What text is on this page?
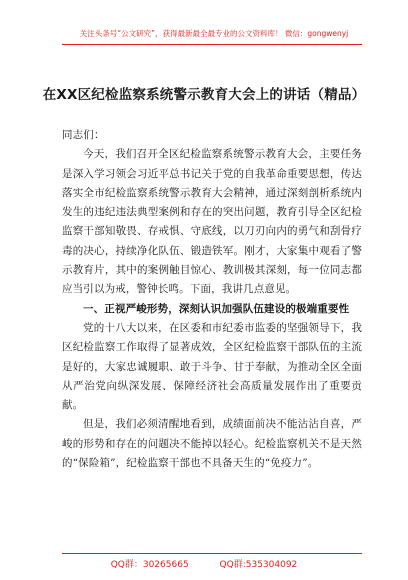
关注头条号“公文研究”，获得最新最全最专业的公文资料库！ 微信：gongwenyj
在XX区纪检监察系统警示教育大会上的讲话（精品）

同志们：

今天，我们召开全区纪检监察系统警示教育大会，主要任务是深入学习领会习近平总书记关于党的自我革命重要思想，传达落实全市纪检监察系统警示教育大会精神，通过深刻剖析系统内发生的违纪违法典型案例和存在的突出问题，教育引导全区纪检监察干部知敬畏、存戒惧、守底线，以刀刃向内的勇气和刮骨疗毒的决心，持续净化队伍、锻造铁军。刚才，大家集中观看了警示教育片，其中的案例触目惊心、教训极其深刻，每一位同志都应当引以为戒，警钟长鸣。下面，我讲几点意见。

一、正视严峻形势，深刻认识加强队伍建设的极端重要性

党的十八大以来，在区委和市纪委市监委的坚强领导下，我区纪检监察工作取得了显著成效，全区纪检监察干部队伍的主流是好的，大家忠诚履职、敢于斗争、甘于奉献，为推动全区全面从严治党向纵深发展、保障经济社会高质量发展作出了重要贡献。

但是，我们必须清醒地看到，成绩面前决不能沾沾自喜，严峻的形势和存在的问题决不能掉以轻心。纪检监察机关不是天然的“保险箱”，纪检监察干部也不具备天生的“免疫力”。

QQ群：30265665	QQ群:535304092
